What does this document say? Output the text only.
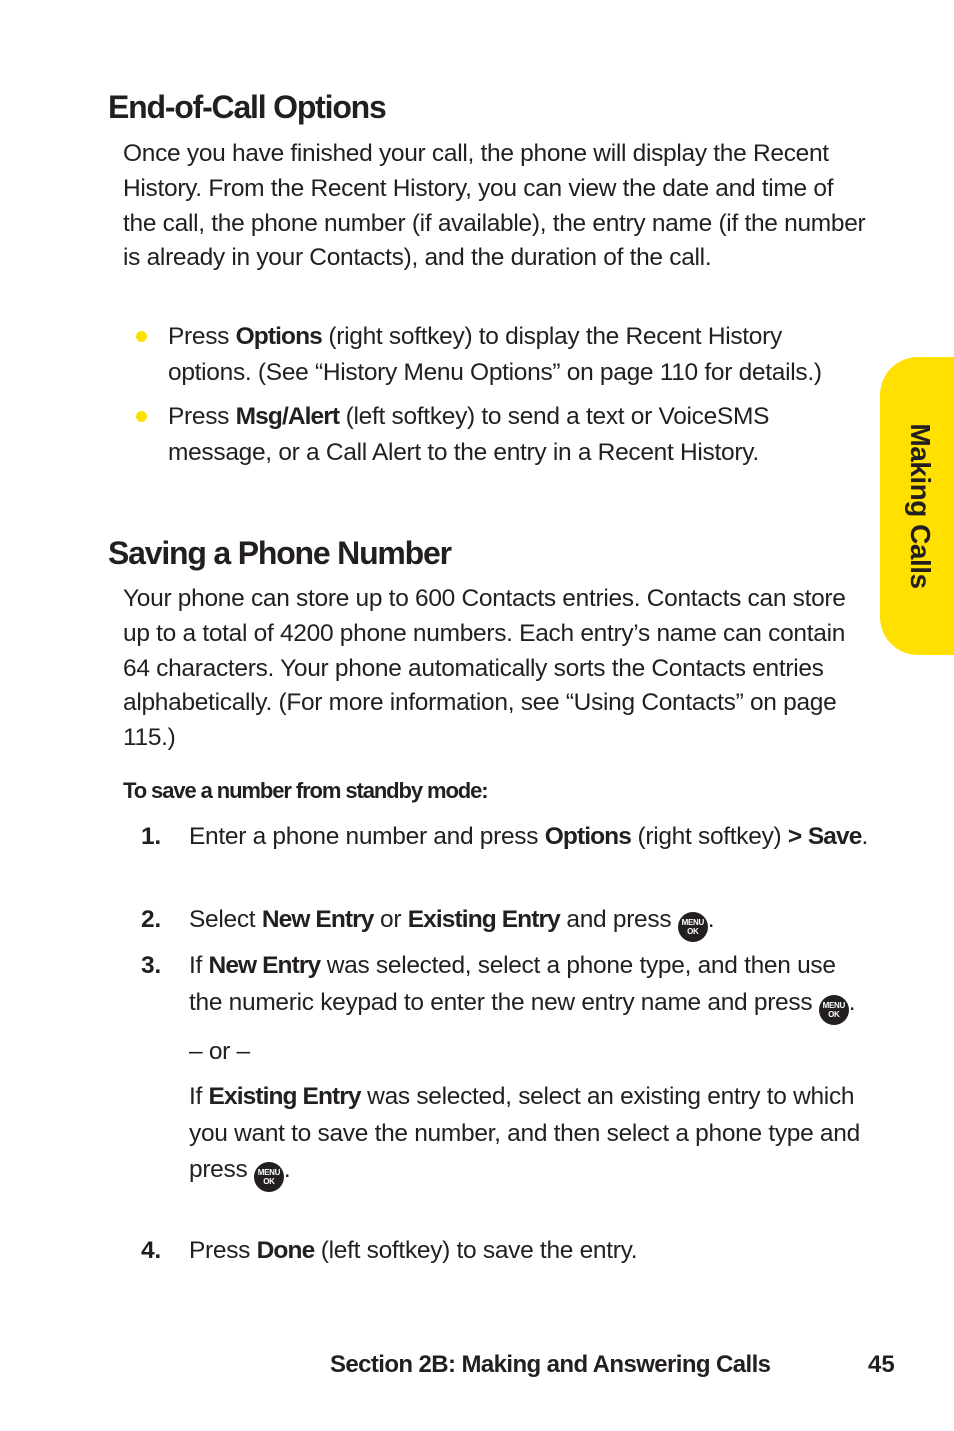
Making Calls
End-of-Call Options

Once you have finished your call, the phone will display the Recent History. From the Recent History, you can view the date and time of the call, the phone number (if available), the entry name (if the number is already in your Contacts), and the duration of the call.

Press Options (right softkey) to display the Recent History options. (See “History Menu Options” on page 110 for details.)
Press Msg/Alert (left softkey) to send a text or VoiceSMS message, or a Call Alert to the entry in a Recent History.
Saving a Phone Number

Your phone can store up to 600 Contacts entries. Contacts can store up to a total of 4200 phone numbers. Each entry’s name can contain 64 characters. Your phone automatically sorts the Contacts entries alphabetically. (For more information, see “Using Contacts” on page 115.)

To save a number from standby mode:

1. Enter a phone number and press Options (right softkey) > Save.

2. Select New Entry or Existing Entry and press MENU
OK .

3. If New Entry was selected, select a phone type, and then use the numeric keypad to enter the new entry name and press MENU
OK .

– or –

If Existing Entry was selected, select an existing entry to which you want to save the number, and then select a phone type and press MENU
OK .

4. Press Done (left softkey) to save the entry.

Section 2B: Making and Answering Calls	45
